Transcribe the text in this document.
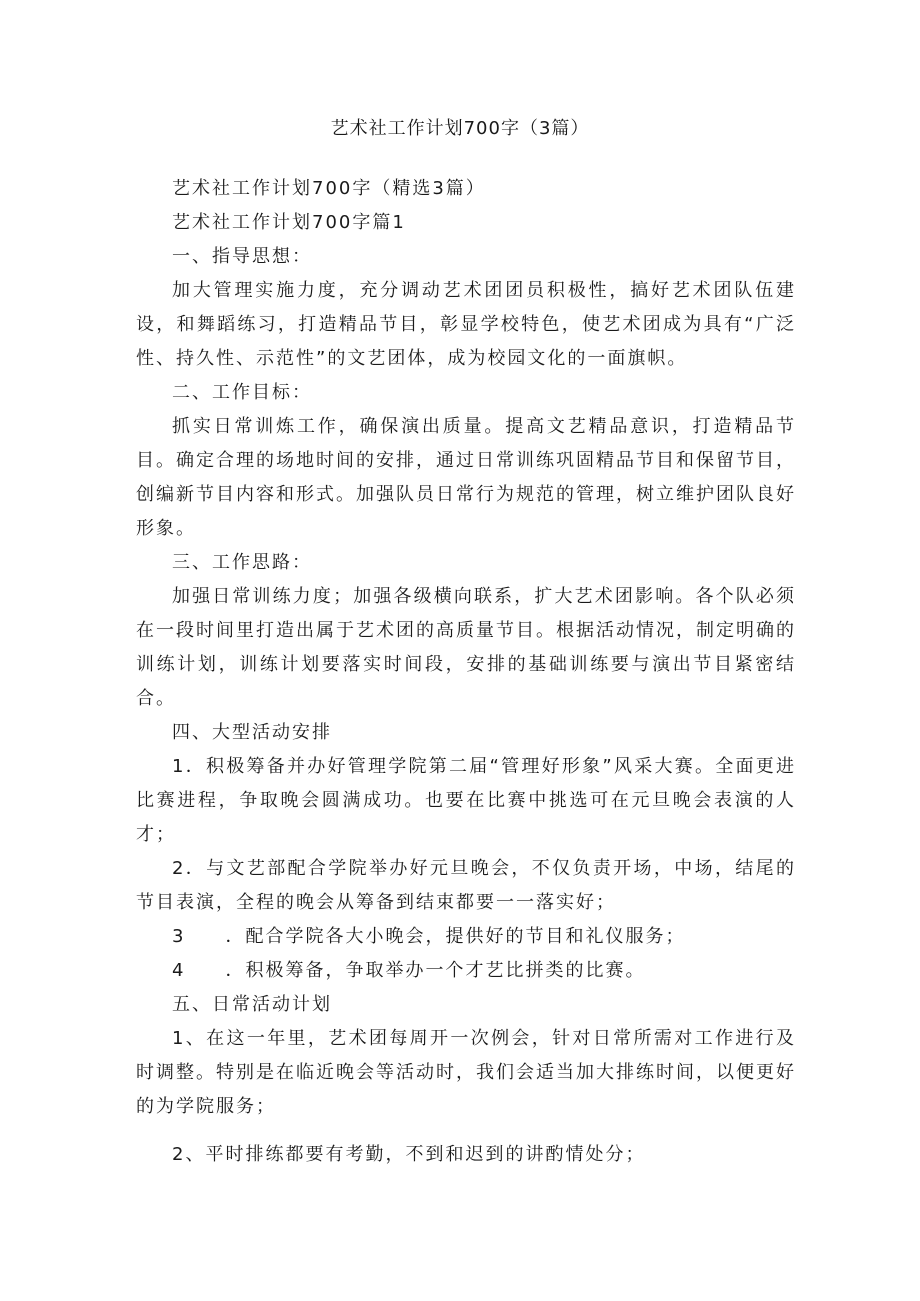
艺术社工作计划700字（3篇）

艺术社工作计划700字（精选3篇）

艺术社工作计划700字篇1

一、指导思想：

加大管理实施力度，充分调动艺术团团员积极性，搞好艺术团队伍建设，和舞蹈练习，打造精品节目，彰显学校特色，使艺术团成为具有“广泛性、持久性、示范性”的文艺团体，成为校园文化的一面旗帜。

二、工作目标：

抓实日常训炼工作，确保演出质量。提高文艺精品意识，打造精品节目。确定合理的场地时间的安排，通过日常训练巩固精品节目和保留节目，创编新节目内容和形式。加强队员日常行为规范的管理，树立维护团队良好形象。

三、工作思路：

加强日常训练力度；加强各级横向联系，扩大艺术团影响。各个队必须在一段时间里打造出属于艺术团的高质量节目。根据活动情况，制定明确的训练计划，训练计划要落实时间段，安排的基础训练要与演出节目紧密结合。

四、大型活动安排

1．积极筹备并办好管理学院第二届“管理好形象”风采大赛。全面更进比赛进程，争取晚会圆满成功。也要在比赛中挑选可在元旦晚会表演的人才；

2．与文艺部配合学院举办好元旦晚会，不仅负责开场，中场，结尾的节目表演，全程的晚会从筹备到结束都要一一落实好；

3　　．配合学院各大小晚会，提供好的节目和礼仪服务；

4　　．积极筹备，争取举办一个才艺比拼类的比赛。

五、日常活动计划

1、在这一年里，艺术团每周开一次例会，针对日常所需对工作进行及时调整。特别是在临近晚会等活动时，我们会适当加大排练时间，以便更好的为学院服务；

2、平时排练都要有考勤，不到和迟到的讲酌情处分；
